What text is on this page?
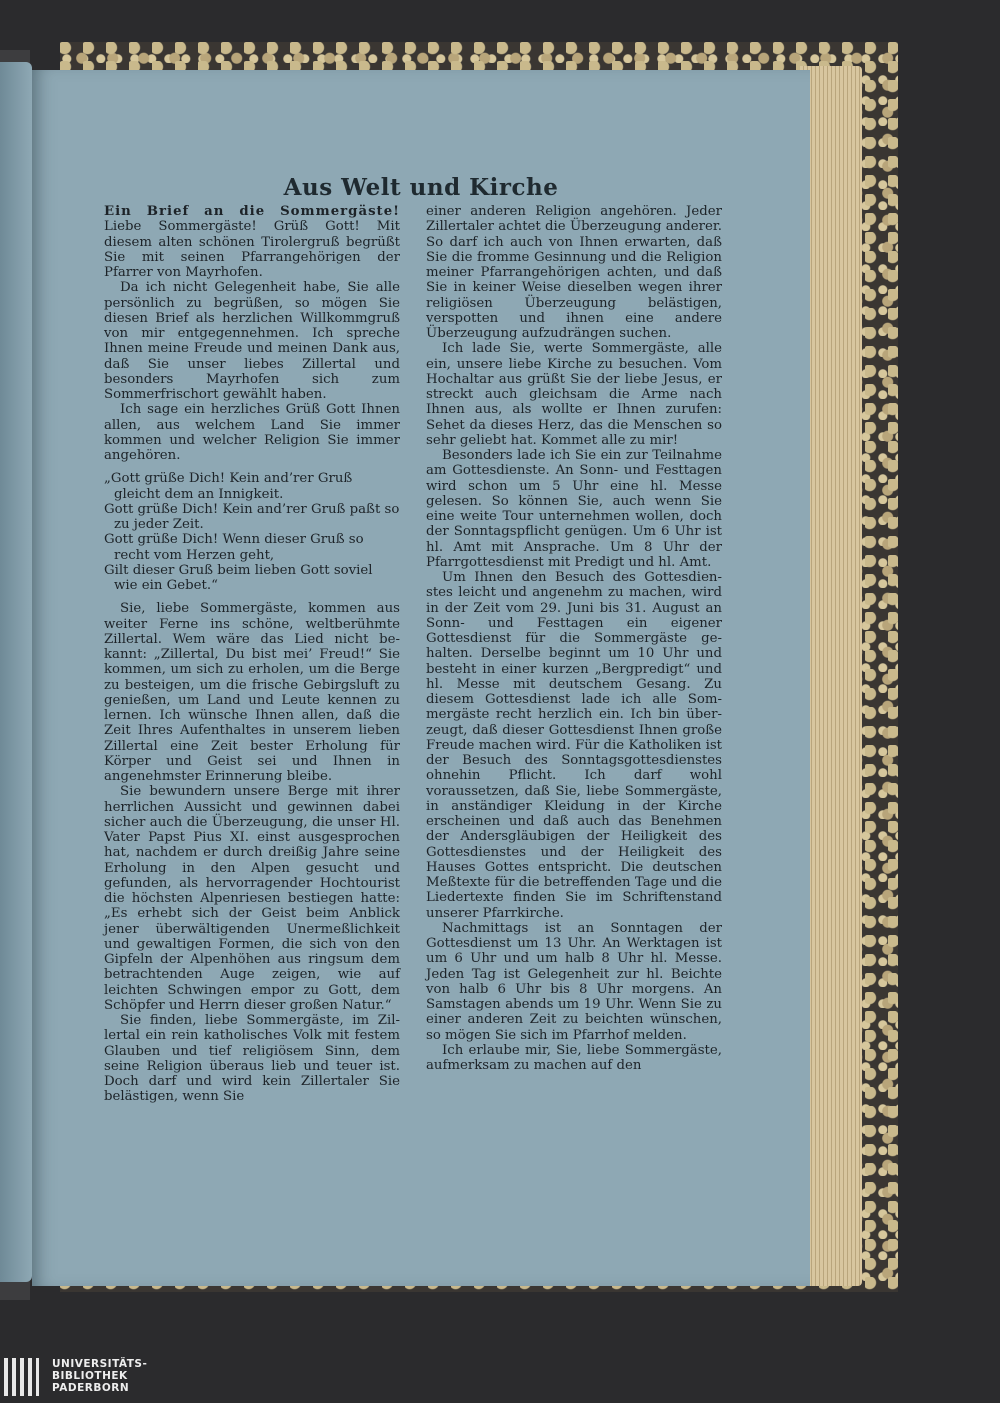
Aus Welt und Kirche

Ein Brief an die Sommergäste! Liebe Sommergäste! Grüß Gott! Mit diesem alten schönen Tirolergruß begrüßt Sie mit seinen Pfarrangehörigen der Pfarrer von Mayrhofen.

Da ich nicht Gelegenheit habe, Sie alle persönlich zu begrüßen, so mögen Sie diesen Brief als herzlichen Willkommgruß von mir entgegennehmen. Ich spreche Ihnen meine Freude und meinen Dank aus, daß Sie unser liebes Zillertal und besonders Mayrhofen sich zum Sommerfrischort gewählt haben.

Ich sage ein herzliches Grüß Gott Ihnen allen, aus welchem Land Sie immer kommen und welcher Religion Sie immer angehören.

„Gott grüße Dich! Kein and’rer Gruß gleicht dem an Innigkeit.
Gott grüße Dich! Kein and’rer Gruß paßt so zu jeder Zeit.
Gott grüße Dich! Wenn dieser Gruß so recht vom Herzen geht,
Gilt dieser Gruß beim lieben Gott soviel wie ein Gebet.“

Sie, liebe Sommergäste, kommen aus weiter Ferne ins schöne, weltberühmte Zillertal. Wem wäre das Lied nicht bekannt: „Zillertal, Du bist mei’ Freud!“ Sie kommen, um sich zu erholen, um die Berge zu besteigen, um die frische Gebirgsluft zu genießen, um Land und Leute kennen zu lernen. Ich wünsche Ihnen allen, daß die Zeit Ihres Aufenthaltes in unserem lieben Zillertal eine Zeit bester Erholung für Körper und Geist sei und Ihnen in angenehmster Erinnerung bleibe.

Sie bewundern unsere Berge mit ihrer herrlichen Aussicht und gewinnen dabei sicher auch die Überzeugung, die unser Hl. Vater Papst Pius XI. einst ausgesprochen hat, nachdem er durch dreißig Jahre seine Erholung in den Alpen gesucht und gefunden, als hervorragender Hochtourist die höchsten Alpenriesen bestiegen hatte: „Es erhebt sich der Geist beim Anblick jener überwältigenden Unermeßlichkeit und gewaltigen Formen, die sich von den Gipfeln der Alpenhöhen aus ringsum dem betrachtenden Auge zeigen, wie auf leichten Schwingen empor zu Gott, dem Schöpfer und Herrn dieser großen Natur.“

Sie finden, liebe Sommergäste, im Zillertal ein rein katholisches Volk mit festem Glauben und tief religiösem Sinn, dem seine Religion überaus lieb und teuer ist. Doch darf und wird kein Zillertaler Sie belästigen, wenn Sie

einer anderen Religion angehören. Jeder Zillertaler achtet die Überzeugung anderer. So darf ich auch von Ihnen erwarten, daß Sie die fromme Gesinnung und die Religion meiner Pfarrangehörigen achten, und daß Sie in keiner Weise dieselben wegen ihrer religiösen Überzeugung belästigen, verspotten und ihnen eine andere Überzeugung aufzudrängen suchen.

Ich lade Sie, werte Sommergäste, alle ein, unsere liebe Kirche zu besuchen. Vom Hochaltar aus grüßt Sie der liebe Jesus, er streckt auch gleichsam die Arme nach Ihnen aus, als wollte er Ihnen zurufen: Sehet da dieses Herz, das die Menschen so sehr geliebt hat. Kommet alle zu mir!

Besonders lade ich Sie ein zur Teilnahme am Gottesdienste. An Sonn- und Festtagen wird schon um 5 Uhr eine hl. Messe gelesen. So können Sie, auch wenn Sie eine weite Tour unternehmen wollen, doch der Sonntagspflicht genügen. Um 6 Uhr ist hl. Amt mit Ansprache. Um 8 Uhr der Pfarrgottesdienst mit Predigt und hl. Amt.

Um Ihnen den Besuch des Gottesdienstes leicht und angenehm zu machen, wird in der Zeit vom 29. Juni bis 31. August an Sonn- und Festtagen ein eigener Gottesdienst für die Sommergäste gehalten. Derselbe beginnt um 10 Uhr und besteht in einer kurzen „Bergpredigt“ und hl. Messe mit deutschem Gesang. Zu diesem Gottesdienst lade ich alle Sommergäste recht herzlich ein. Ich bin überzeugt, daß dieser Gottesdienst Ihnen große Freude machen wird. Für die Katholiken ist der Besuch des Sonntagsgottesdienstes ohnehin Pflicht. Ich darf wohl voraussetzen, daß Sie, liebe Sommergäste, in anständiger Kleidung in der Kirche erscheinen und daß auch das Benehmen der Andersgläubigen der Heiligkeit des Gottesdienstes und der Heiligkeit des Hauses Gottes entspricht. Die deutschen Meßtexte für die betreffenden Tage und die Liedertexte finden Sie im Schriftenstand unserer Pfarrkirche.

Nachmittags ist an Sonntagen der Gottesdienst um 13 Uhr. An Werktagen ist um 6 Uhr und um halb 8 Uhr hl. Messe. Jeden Tag ist Gelegenheit zur hl. Beichte von halb 6 Uhr bis 8 Uhr morgens. An Samstagen abends um 19 Uhr. Wenn Sie zu einer anderen Zeit zu beichten wünschen, so mögen Sie sich im Pfarrhof melden.

Ich erlaube mir, Sie, liebe Sommergäste, aufmerksam zu machen auf den

UNIVERSITÄTS-
BIBLIOTHEK
PADERBORN
